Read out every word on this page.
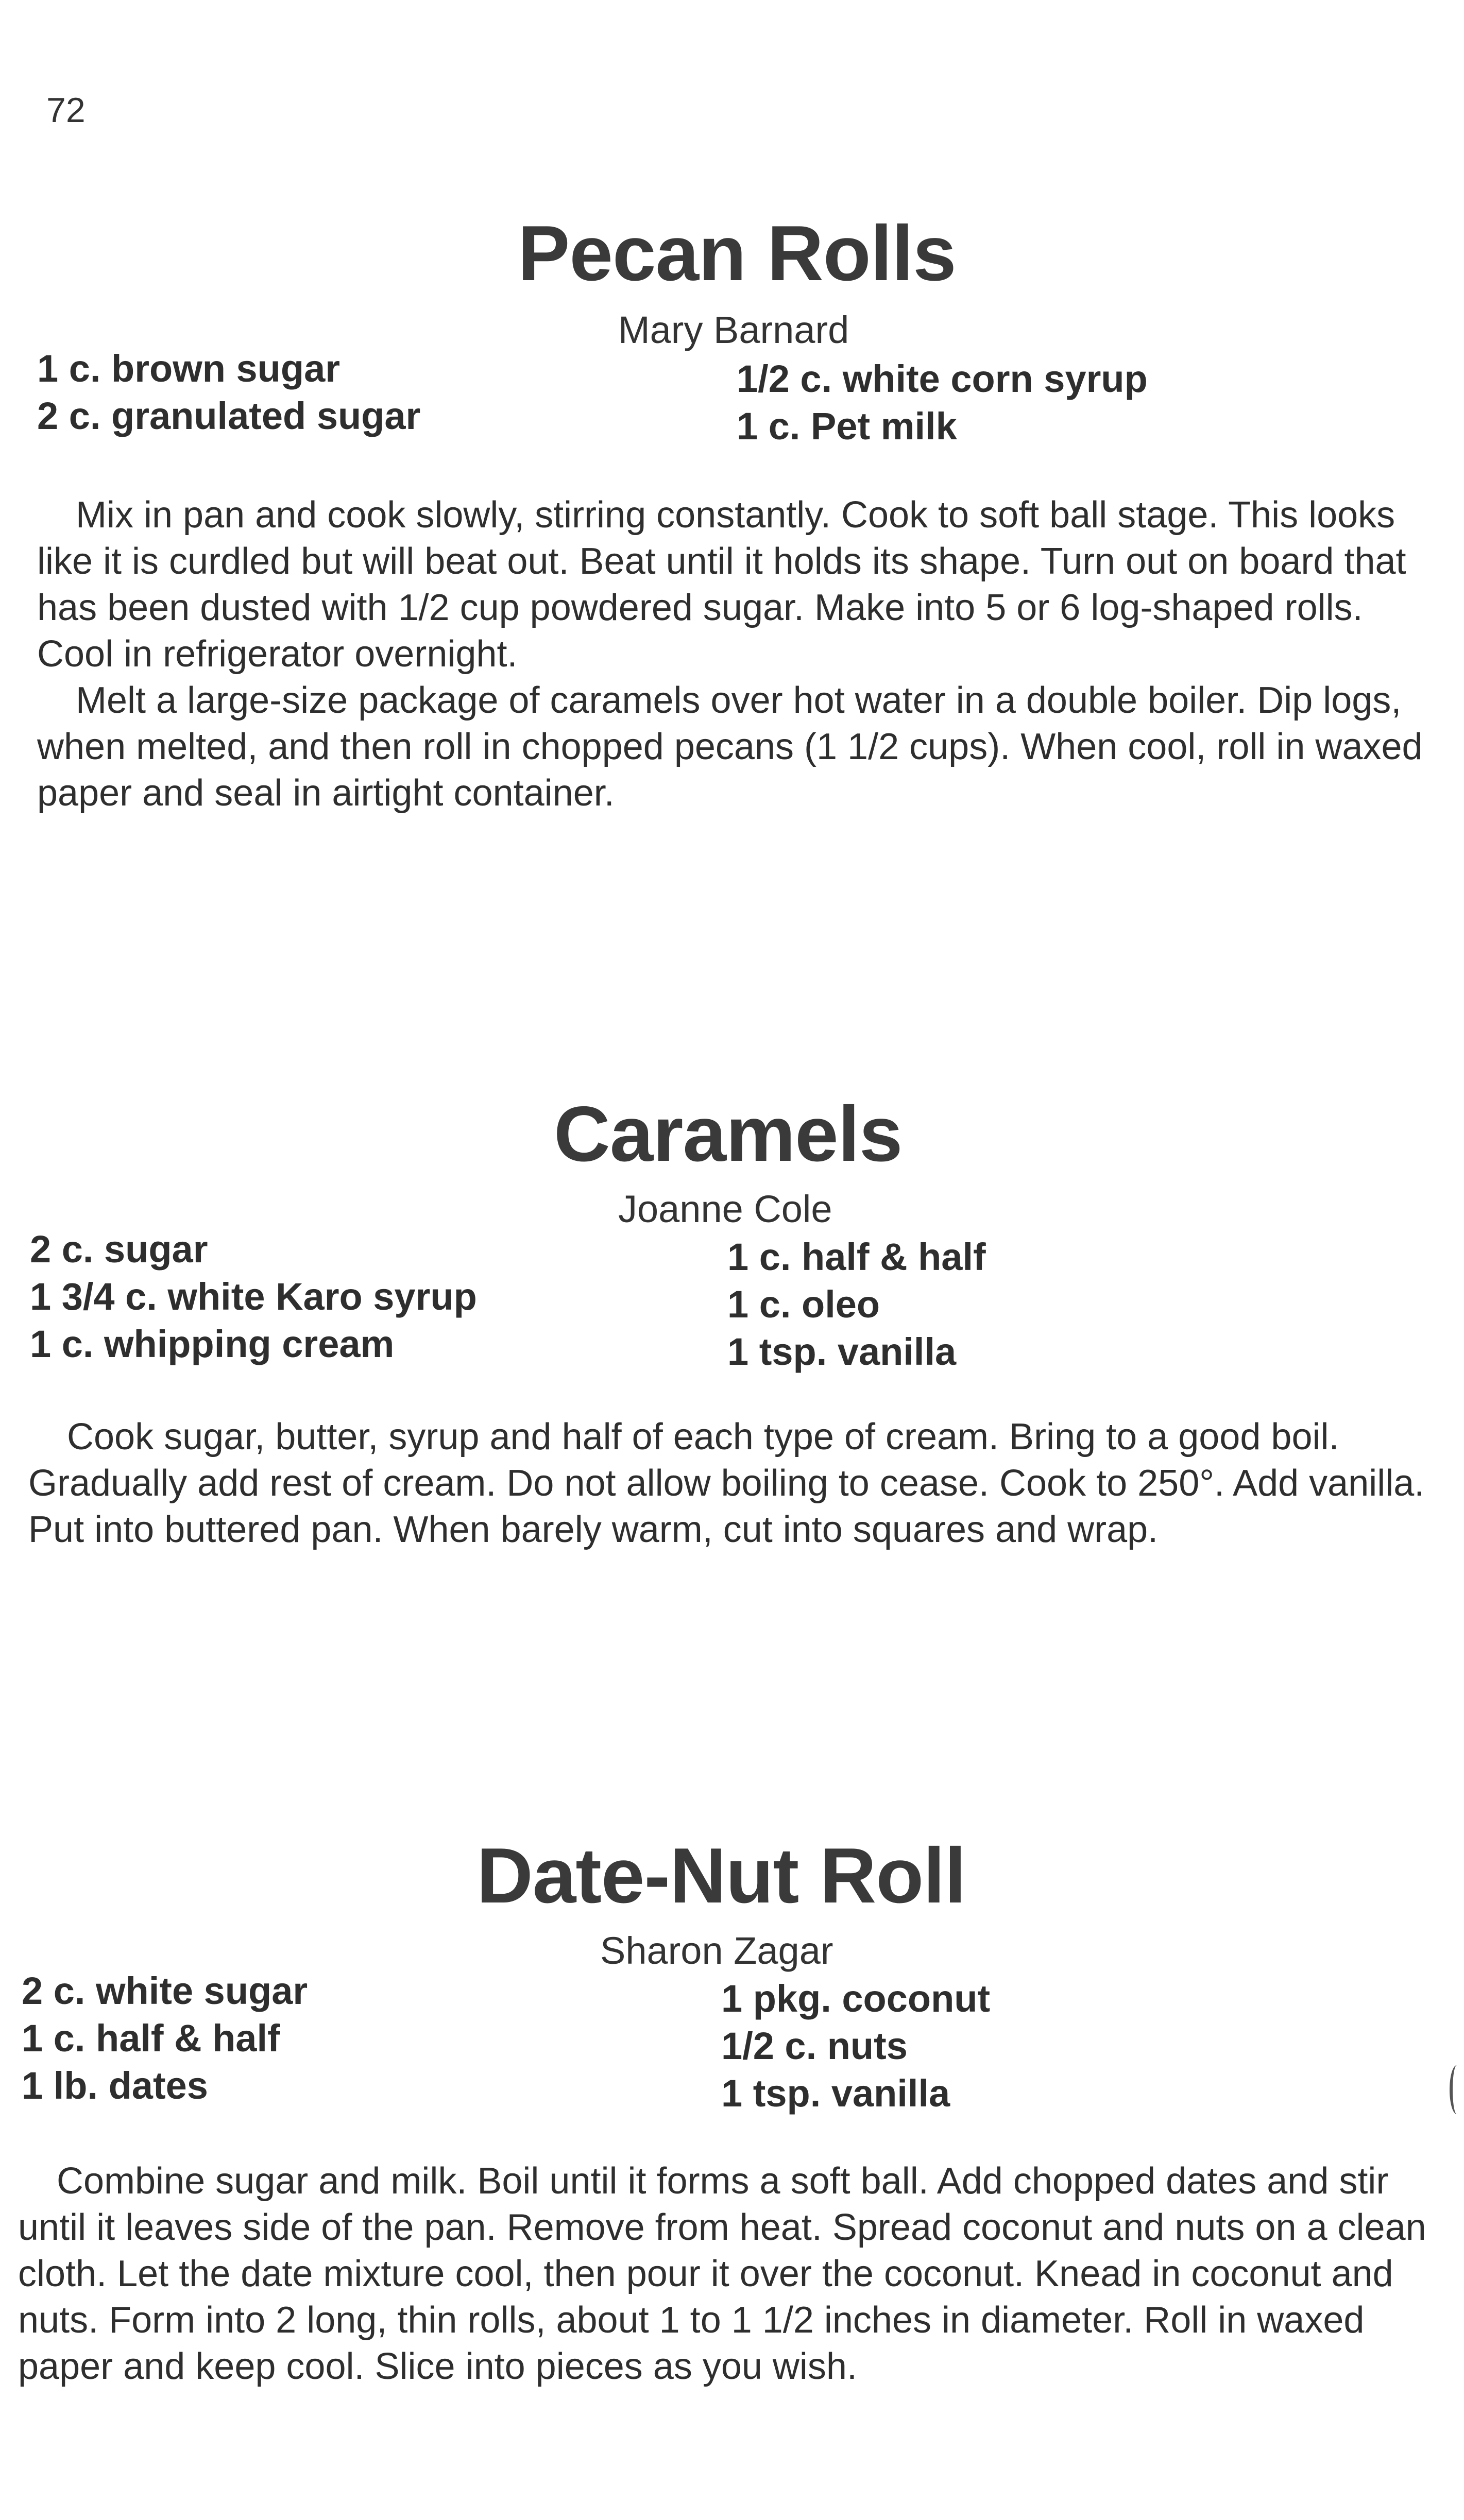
72
Pecan Rolls
Mary Barnard
1 c. brown sugar
2 c. granulated sugar
1/2 c. white corn syrup
1 c. Pet milk

Mix in pan and cook slowly, stirring constantly. Cook to soft ball stage. This looks like it is curdled but will beat out. Beat until it holds its shape. Turn out on board that has been dusted with 1/2 cup powdered sugar. Make into 5 or 6 log-shaped rolls. Cool in refrigerator overnight.

Melt a large-size package of caramels over hot water in a double boiler. Dip logs, when melted, and then roll in chopped pecans (1 1/2 cups). When cool, roll in waxed paper and seal in airtight container.

Caramels
Joanne Cole
2 c. sugar
1 3/4 c. white Karo syrup
1 c. whipping cream
1 c. half & half
1 c. oleo
1 tsp. vanilla

Cook sugar, butter, syrup and half of each type of cream. Bring to a good boil. Gradually add rest of cream. Do not allow boiling to cease. Cook to 250°. Add vanilla. Put into buttered pan. When barely warm, cut into squares and wrap.

Date-Nut Roll
Sharon Zagar
2 c. white sugar
1 c. half & half
1 lb. dates
1 pkg. coconut
1/2 c. nuts
1 tsp. vanilla

Combine sugar and milk. Boil until it forms a soft ball. Add chopped dates and stir until it leaves side of the pan. Remove from heat. Spread coconut and nuts on a clean cloth. Let the date mixture cool, then pour it over the coconut. Knead in coconut and nuts. Form into 2 long, thin rolls, about 1 to 1 1/2 inches in diameter. Roll in waxed paper and keep cool. Slice into pieces as you wish.
